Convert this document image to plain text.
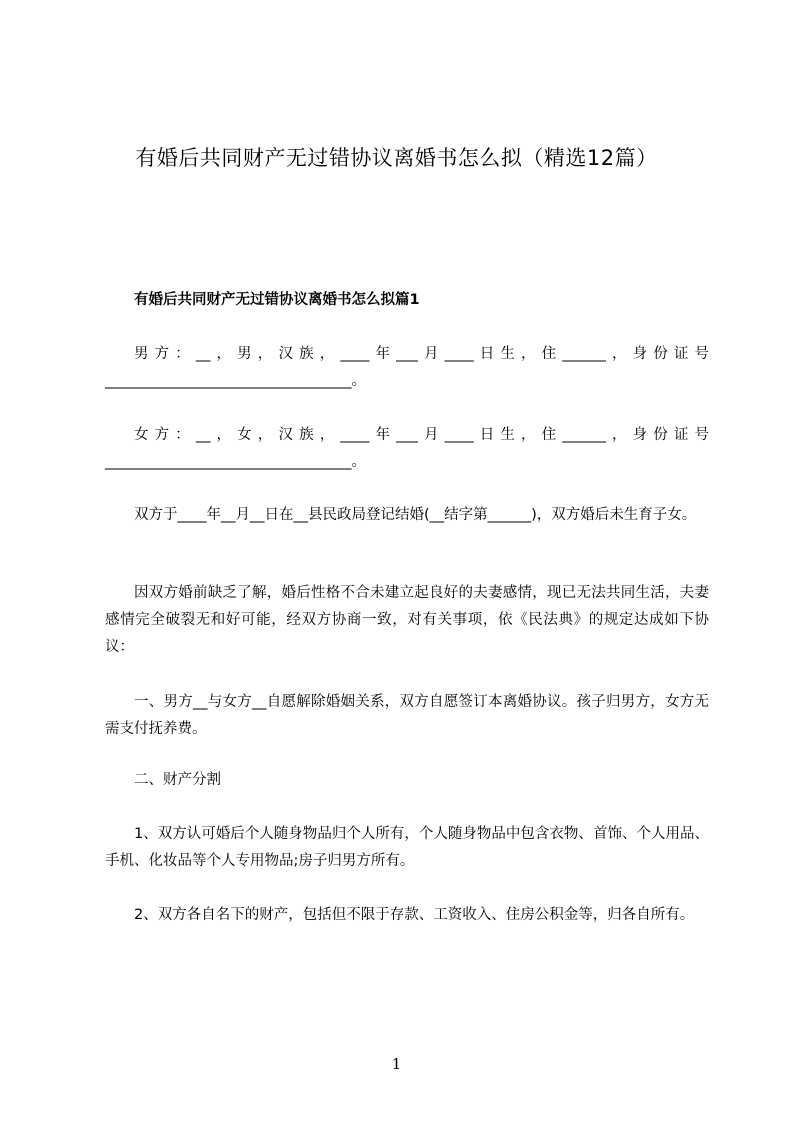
有婚后共同财产无过错协议离婚书怎么拟（精选12篇）

有婚后共同财产无过错协议离婚书怎么拟篇1

男方：__，男，汉族，____年___月____日生，住______，身份证号__________________________________。

女方：__，女，汉族，____年___月____日生，住______，身份证号__________________________________。

双方于____年__月__日在__县民政局登记结婚(__结字第______)，双方婚后未生育子女。

因双方婚前缺乏了解，婚后性格不合未建立起良好的夫妻感情，现已无法共同生活，夫妻感情完全破裂无和好可能，经双方协商一致，对有关事项，依《民法典》的规定达成如下协议：

一、男方__与女方__自愿解除婚姻关系，双方自愿签订本离婚协议。孩子归男方，女方无需支付抚养费。

二、财产分割

1、双方认可婚后个人随身物品归个人所有，个人随身物品中包含衣物、首饰、个人用品、手机、化妆品等个人专用物品;房子归男方所有。

2、双方各自名下的财产，包括但不限于存款、工资收入、住房公积金等，归各自所有。

1
